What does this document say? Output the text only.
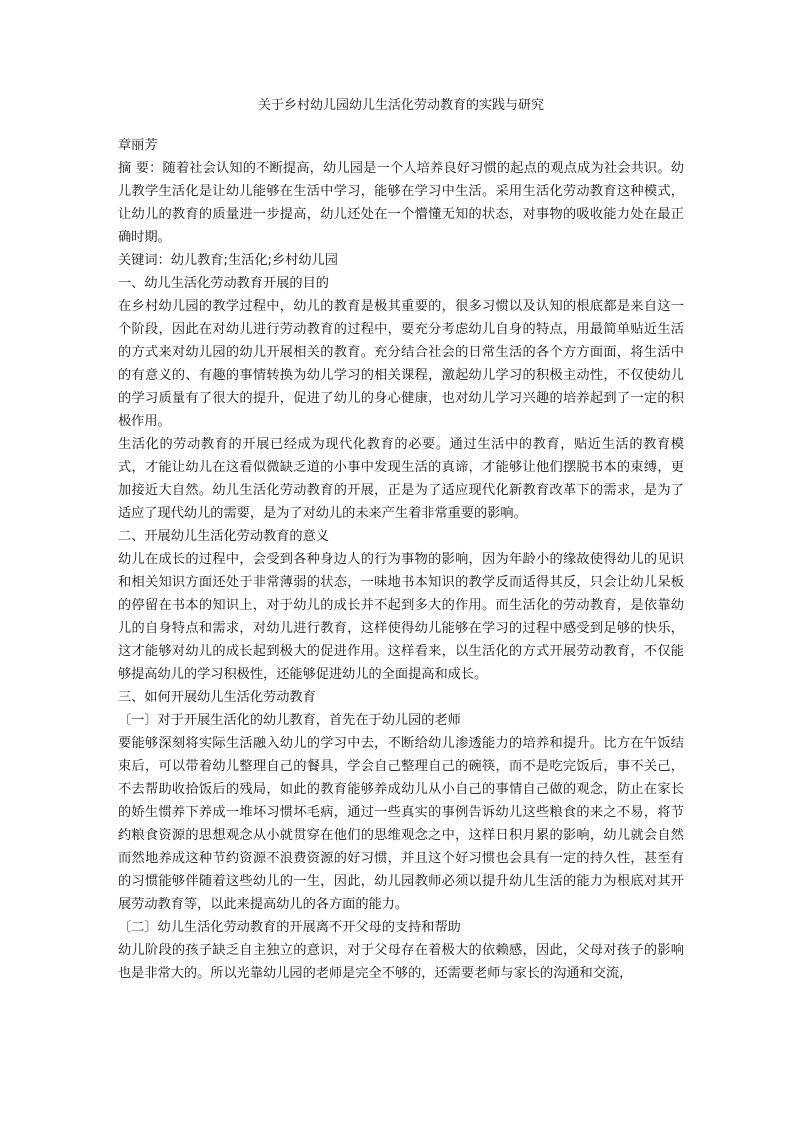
关于乡村幼儿园幼儿生活化劳动教育的实践与研究

章丽芳

摘 要：随着社会认知的不断提高，幼儿园是一个人培养良好习惯的起点的观点成为社会共识。幼儿教学生活化是让幼儿能够在生活中学习，能够在学习中生活。采用生活化劳动教育这种模式，让幼儿的教育的质量进一步提高，幼儿还处在一个懵懂无知的状态，对事物的吸收能力处在最正确时期。

关键词：幼儿教育;生活化;乡村幼儿园

一、幼儿生活化劳动教育开展的目的

在乡村幼儿园的教学过程中，幼儿的教育是极其重要的，很多习惯以及认知的根底都是来自这一个阶段，因此在对幼儿进行劳动教育的过程中，要充分考虑幼儿自身的特点，用最简单贴近生活的方式来对幼儿园的幼儿开展相关的教育。充分结合社会的日常生活的各个方方面面，将生活中的有意义的、有趣的事情转换为幼儿学习的相关课程，激起幼儿学习的积极主动性，不仅使幼儿的学习质量有了很大的提升，促进了幼儿的身心健康，也对幼儿学习兴趣的培养起到了一定的积极作用。

生活化的劳动教育的开展已经成为现代化教育的必要。通过生活中的教育，贴近生活的教育模式，才能让幼儿在这看似微缺乏道的小事中发现生活的真谛，才能够让他们摆脱书本的束缚，更加接近大自然。幼儿生活化劳动教育的开展，正是为了适应现代化新教育改革下的需求，是为了适应了现代幼儿的需要，是为了对幼儿的未来产生着非常重要的影响。

二、开展幼儿生活化劳动教育的意义

幼儿在成长的过程中，会受到各种身边人的行为事物的影响，因为年龄小的缘故使得幼儿的见识和相关知识方面还处于非常薄弱的状态，一味地书本知识的教学反而适得其反，只会让幼儿呆板的停留在书本的知识上，对于幼儿的成长并不起到多大的作用。而生活化的劳动教育，是依靠幼儿的自身特点和需求，对幼儿进行教育，这样使得幼儿能够在学习的过程中感受到足够的快乐，这才能够对幼儿的成长起到极大的促进作用。这样看来，以生活化的方式开展劳动教育，不仅能够提高幼儿的学习积极性，还能够促进幼儿的全面提高和成长。

三、如何开展幼儿生活化劳动教育

〔一〕对于开展生活化的幼儿教育，首先在于幼儿园的老师

要能够深刻将实际生活融入幼儿的学习中去，不断给幼儿渗透能力的培养和提升。比方在午饭结束后，可以带着幼儿整理自己的餐具，学会自己整理自己的碗筷，而不是吃完饭后，事不关己，不去帮助收拾饭后的残局，如此的教育能够养成幼儿从小自己的事情自己做的观念，防止在家长的娇生惯养下养成一堆坏习惯坏毛病，通过一些真实的事例告诉幼儿这些粮食的来之不易，将节约粮食资源的思想观念从小就贯穿在他们的思维观念之中，这样日积月累的影响，幼儿就会自然而然地养成这种节约资源不浪费资源的好习惯，并且这个好习惯也会具有一定的持久性，甚至有的习惯能够伴随着这些幼儿的一生，因此，幼儿园教师必须以提升幼儿生活的能力为根底对其开展劳动教育等，以此来提高幼儿的各方面的能力。

〔二〕幼儿生活化劳动教育的开展离不开父母的支持和帮助

幼儿阶段的孩子缺乏自主独立的意识，对于父母存在着极大的依赖感，因此，父母对孩子的影响也是非常大的。所以光靠幼儿园的老师是完全不够的，还需要老师与家长的沟通和交流，
